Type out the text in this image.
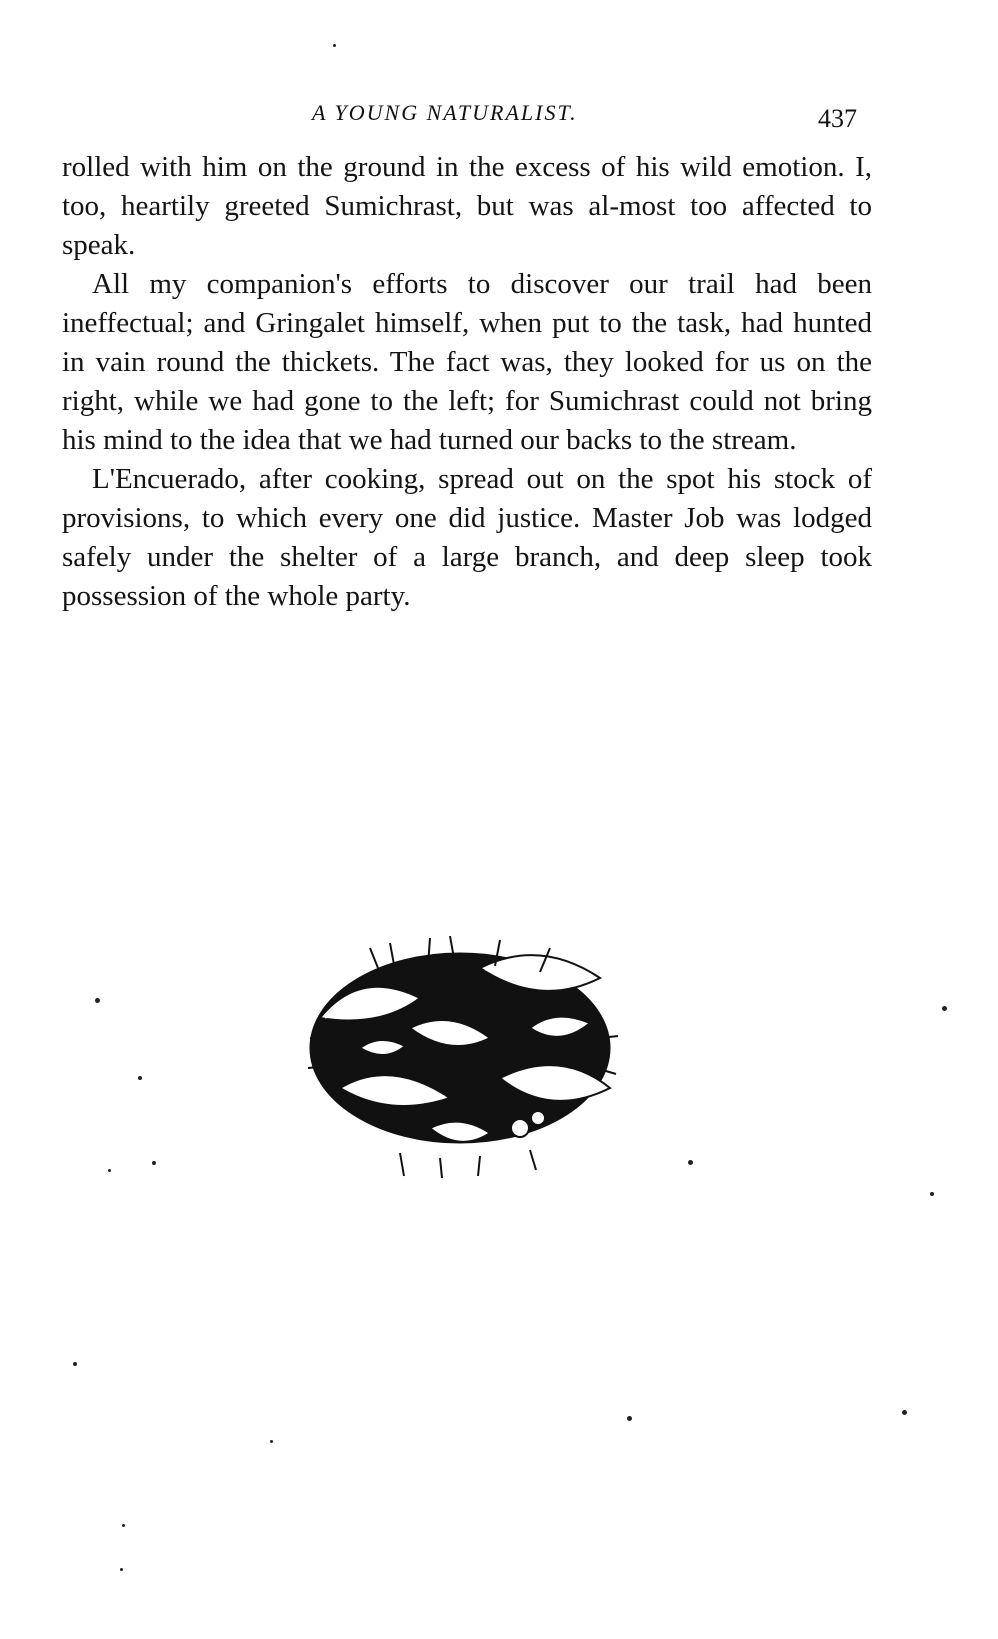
A YOUNG NATURALIST.	437

rolled with him on the ground in the excess of his wild emotion. I, too, heartily greeted Sumichrast, but was al-most too affected to speak.

All my companion's efforts to discover our trail had been ineffectual; and Gringalet himself, when put to the task, had hunted in vain round the thickets. The fact was, they looked for us on the right, while we had gone to the left; for Sumichrast could not bring his mind to the idea that we had turned our backs to the stream.

L'Encuerado, after cooking, spread out on the spot his stock of provisions, to which every one did justice. Master Job was lodged safely under the shelter of a large branch, and deep sleep took possession of the whole party.
